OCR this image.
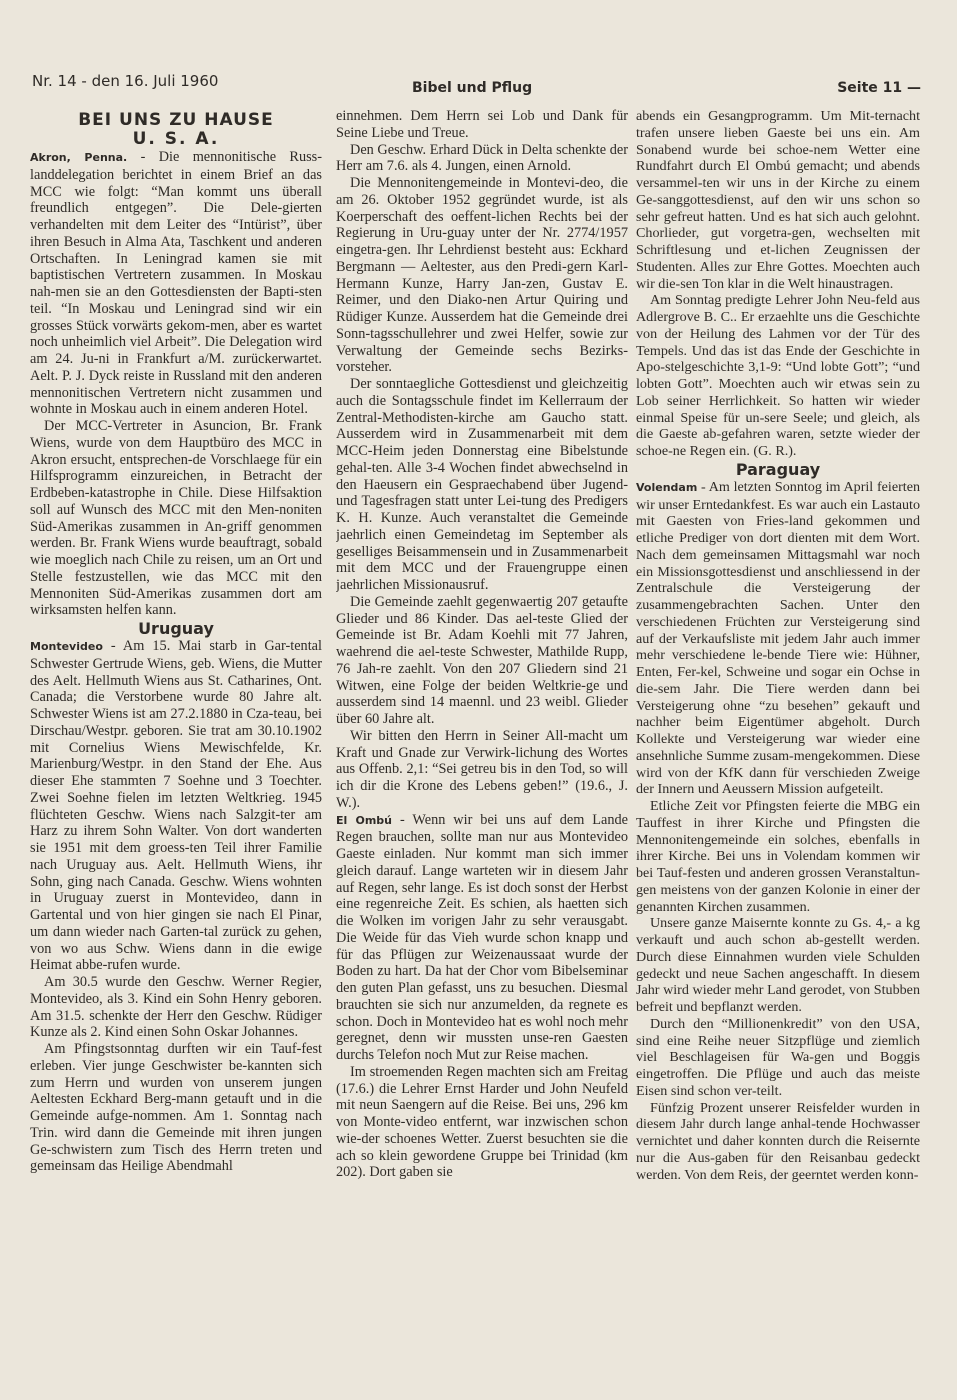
Nr. 14 - den 16. Juli 1960	Bibel und Pflug	Seite 11 —
BEI UNS ZU HAUSE
U. S. A.

Akron, Penna. - Die mennonitische Russ-landdelegation berichtet in einem Brief an das MCC wie folgt: “Man kommt uns überall freundlich entgegen”. Die Dele-gierten verhandelten mit dem Leiter des “Intürist”, über ihren Besuch in Alma Ata, Taschkent und anderen Ortschaften. In Leningrad kamen sie mit baptistischen Vertretern zusammen. In Moskau nah-men sie an den Gottesdiensten der Bapti-sten teil. “In Moskau und Leningrad sind wir ein grosses Stück vorwärts gekom-men, aber es wartet noch unheimlich viel Arbeit”. Die Delegation wird am 24. Ju-ni in Frankfurt a/M. zurückerwartet. Aelt. P. J. Dyck reiste in Russland mit den anderen mennonitischen Vertretern nicht zusammen und wohnte in Moskau auch in einem anderen Hotel.

Der MCC-Vertreter in Asuncion, Br. Frank Wiens, wurde von dem Hauptbüro des MCC in Akron ersucht, entsprechen-de Vorschlaege für ein Hilfsprogramm einzureichen, in Betracht der Erdbeben-katastrophe in Chile. Diese Hilfsaktion soll auf Wunsch des MCC mit den Men-noniten Süd-Amerikas zusammen in An-griff genommen werden. Br. Frank Wiens wurde beauftragt, sobald wie moeglich nach Chile zu reisen, um an Ort und Stelle festzustellen, wie das MCC mit den Mennoniten Süd-Amerikas zusammen dort am wirksamsten helfen kann.

Uruguay

Montevideo - Am 15. Mai starb in Gar-tental Schwester Gertrude Wiens, geb. Wiens, die Mutter des Aelt. Hellmuth Wiens aus St. Catharines, Ont. Canada; die Verstorbene wurde 80 Jahre alt. Schwester Wiens ist am 27.2.1880 in Cza-teau, bei Dirschau/Westpr. geboren. Sie trat am 30.10.1902 mit Cornelius Wiens Mewischfelde, Kr. Marienburg/Westpr. in den Stand der Ehe. Aus dieser Ehe stammten 7 Soehne und 3 Toechter. Zwei Soehne fielen im letzten Weltkrieg. 1945 flüchteten Geschw. Wiens nach Salzgit-ter am Harz zu ihrem Sohn Walter. Von dort wanderten sie 1951 mit dem groess-ten Teil ihrer Familie nach Uruguay aus. Aelt. Hellmuth Wiens, ihr Sohn, ging nach Canada. Geschw. Wiens wohnten in Uruguay zuerst in Montevideo, dann in Gartental und von hier gingen sie nach El Pinar, um dann wieder nach Garten-tal zurück zu gehen, von wo aus Schw. Wiens dann in die ewige Heimat abbe-rufen wurde.

Am 30.5 wurde den Geschw. Werner Regier, Montevideo, als 3. Kind ein Sohn Henry geboren. Am 31.5. schenkte der Herr den Geschw. Rüdiger Kunze als 2. Kind einen Sohn Oskar Johannes.

Am Pfingstsonntag durften wir ein Tauf-fest erleben. Vier junge Geschwister be-kannten sich zum Herrn und wurden von unserem jungen Aeltesten Eckhard Berg-mann getauft und in die Gemeinde aufge-nommen. Am 1. Sonntag nach Trin. wird dann die Gemeinde mit ihren jungen Ge-schwistern zum Tisch des Herrn treten und gemeinsam das Heilige Abendmahl

einnehmen. Dem Herrn sei Lob und Dank für Seine Liebe und Treue.

Den Geschw. Erhard Dück in Delta schenkte der Herr am 7.6. als 4. Jungen, einen Arnold.

Die Mennonitengemeinde in Montevi-deo, die am 26. Oktober 1952 gegründet wurde, ist als Koerperschaft des oeffent-lichen Rechts bei der Regierung in Uru-guay unter der Nr. 2774/1957 eingetra-gen. Ihr Lehrdienst besteht aus: Eckhard Bergmann — Aeltester, aus den Predi-gern Karl-Hermann Kunze, Harry Jan-zen, Gustav E. Reimer, und den Diako-nen Artur Quiring und Rüdiger Kunze. Ausserdem hat die Gemeinde drei Sonn-tagsschullehrer und zwei Helfer, sowie zur Verwaltung der Gemeinde sechs Bezirks-vorsteher.

Der sonntaegliche Gottesdienst und gleichzeitig auch die Sontagsschule findet im Kellerraum der Zentral-Methodisten-kirche am Gaucho statt. Ausserdem wird in Zusammenarbeit mit dem MCC-Heim jeden Donnerstag eine Bibelstunde gehal-ten. Alle 3-4 Wochen findet abwechselnd in den Haeusern ein Gespraechabend über Jugend- und Tagesfragen statt unter Lei-tung des Predigers K. H. Kunze. Auch veranstaltet die Gemeinde jaehrlich einen Gemeindetag im September als geselliges Beisammensein und in Zusammenarbeit mit dem MCC und der Frauengruppe einen jaehrlichen Missionausruf.

Die Gemeinde zaehlt gegenwaertig 207 getaufte Glieder und 86 Kinder. Das ael-teste Glied der Gemeinde ist Br. Adam Koehli mit 77 Jahren, waehrend die ael-teste Schwester, Mathilde Rupp, 76 Jah-re zaehlt. Von den 207 Gliedern sind 21 Witwen, eine Folge der beiden Weltkrie-ge und ausserdem sind 14 maennl. und 23 weibl. Glieder über 60 Jahre alt.

Wir bitten den Herrn in Seiner All-macht um Kraft und Gnade zur Verwirk-lichung des Wortes aus Offenb. 2,1: “Sei getreu bis in den Tod, so will ich dir die Krone des Lebens geben!” (19.6., J. W.).

El Ombú - Wenn wir bei uns auf dem Lande Regen brauchen, sollte man nur aus Montevideo Gaeste einladen. Nur kommt man sich immer gleich darauf. Lange warteten wir in diesem Jahr auf Regen, sehr lange. Es ist doch sonst der Herbst eine regenreiche Zeit. Es schien, als haetten sich die Wolken im vorigen Jahr zu sehr verausgabt. Die Weide für das Vieh wurde schon knapp und für das Pflügen zur Weizenaussaat wurde der Boden zu hart. Da hat der Chor vom Bibelseminar den guten Plan gefasst, uns zu besuchen. Diesmal brauchten sie sich nur anzumelden, da regnete es schon. Doch in Montevideo hat es wohl noch mehr geregnet, denn wir mussten unse-ren Gaesten durchs Telefon noch Mut zur Reise machen.

Im stroemenden Regen machten sich am Freitag (17.6.) die Lehrer Ernst Harder und John Neufeld mit neun Saengern auf die Reise. Bei uns, 296 km von Monte-video entfernt, war inzwischen schon wie-der schoenes Wetter. Zuerst besuchten sie die ach so klein gewordene Gruppe bei Trinidad (km 202). Dort gaben sie

abends ein Gesangprogramm. Um Mit-ternacht trafen unsere lieben Gaeste bei uns ein. Am Sonabend wurde bei schoe-nem Wetter eine Rundfahrt durch El Ombú gemacht; und abends versammel-ten wir uns in der Kirche zu einem Ge-sanggottesdienst, auf den wir uns schon so sehr gefreut hatten. Und es hat sich auch gelohnt. Chorlieder, gut vorgetra-gen, wechselten mit Schriftlesung und et-lichen Zeugnissen der Studenten. Alles zur Ehre Gottes. Moechten auch wir die-sen Ton klar in die Welt hinaustragen.

Am Sonntag predigte Lehrer John Neu-feld aus Adlergrove B. C.. Er erzaehlte uns die Geschichte von der Heilung des Lahmen vor der Tür des Tempels. Und das ist das Ende der Geschichte in Apo-stelgeschichte 3,1-9: “Und lobte Gott”; “und lobten Gott”. Moechten auch wir etwas sein zu Lob seiner Herrlichkeit. So hatten wir wieder einmal Speise für un-sere Seele; und gleich, als die Gaeste ab-gefahren waren, setzte wieder der schoe-ne Regen ein. (G. R.).

Paraguay

Volendam - Am letzten Sonntog im April feierten wir unser Erntedankfest. Es war auch ein Lastauto mit Gaesten von Fries-land gekommen und etliche Prediger von dort dienten mit dem Wort. Nach dem gemeinsamen Mittagsmahl war noch ein Missionsgottesdienst und anschliessend in der Zentralschule die Versteigerung der zusammengebrachten Sachen. Unter den verschiedenen Früchten zur Versteigerung sind auf der Verkaufsliste mit jedem Jahr auch immer mehr verschiedene le-bende Tiere wie: Hühner, Enten, Fer-kel, Schweine und sogar ein Ochse in die-sem Jahr. Die Tiere werden dann bei Versteigerung ohne “zu besehen” gekauft und nachher beim Eigentümer abgeholt. Durch Kollekte und Versteigerung war wieder eine ansehnliche Summe zusam-mengekommen. Diese wird von der KfK dann für verschieden Zweige der Innern und Aeussern Mission aufgeteilt.

Etliche Zeit vor Pfingsten feierte die MBG ein Tauffest in ihrer Kirche und Pfingsten die Mennonitengemeinde ein solches, ebenfalls in ihrer Kirche. Bei uns in Volendam kommen wir bei Tauf-festen und anderen grossen Veranstaltun-gen meistens von der ganzen Kolonie in einer der genannten Kirchen zusammen.

Unsere ganze Maisernte konnte zu Gs. 4,- a kg verkauft und auch schon ab-gestellt werden. Durch diese Einnahmen wurden viele Schulden gedeckt und neue Sachen angeschafft. In diesem Jahr wird wieder mehr Land gerodet, von Stubben befreit und bepflanzt werden.

Durch den “Millionenkredit” von den USA, sind eine Reihe neuer Sitzpflüge und ziemlich viel Beschlageisen für Wa-gen und Boggis eingetroffen. Die Pflüge und auch das meiste Eisen sind schon ver-teilt.

Fünfzig Prozent unserer Reisfelder wurden in diesem Jahr durch lange anhal-tende Hochwasser vernichtet und daher konnten durch die Reisernte nur die Aus-gaben für den Reisanbau gedeckt werden. Von dem Reis, der geerntet werden konn-
